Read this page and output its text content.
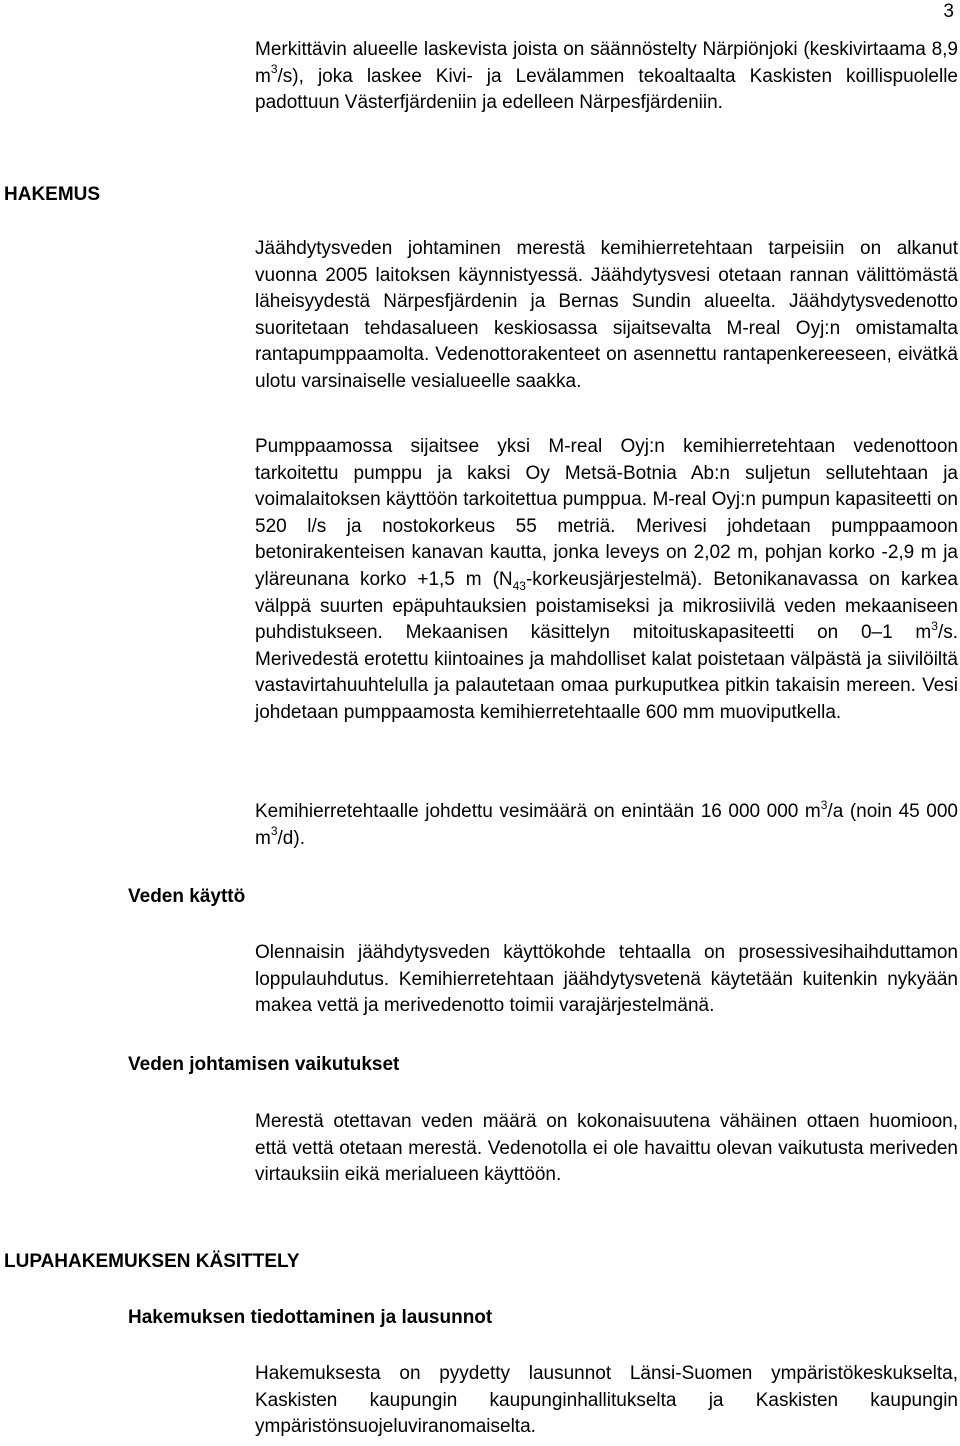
3

Merkittävin alueelle laskevista joista on säännöstelty Närpiönjoki (keskivirtaama 8,9 $m^3/s$), joka laskee Kivi- ja Levälammen tekoaltaalta Kaskisten koillispuolelle padottuun Västerfjärdeniin ja edelleen Närpesfjärdeniin.

HAKEMUS

Jäähdytysveden johtaminen merestä kemihierretehtaan tarpeisiin on alkanut vuonna 2005 laitoksen käynnistyessä. Jäähdytysvesi otetaan rannan välittömästä läheisyydestä Närpesfjärdenin ja Bernas Sundin alueelta. Jäähdytysvedenotto suoritetaan tehdasalueen keskiosassa sijaitsevalta M-real Oyj:n omistamalta rantapumppaamolta. Vedenottorakenteet on asennettu rantapenkereeseen, eivätkä ulotu varsinaiselle vesialueelle saakka.

Pumppaamossa sijaitsee yksi M-real Oyj:n kemihierretehtaan vedenottoon tarkoitettu pumppu ja kaksi Oy Metsä-Botnia Ab:n suljetun sellutehtaan ja voimalaitoksen käyttöön tarkoitettua pumppua. M-real Oyj:n pumpun kapasiteetti on 520 l/s ja nostokorkeus 55 metriä. Merivesi johdetaan pumppaamoon betonirakenteisen kanavan kautta, jonka leveys on 2,02 m, pohjan korko -2,9 m ja yläreunana korko +1,5 m $(N_{43}-korkeusjärjestelmä)$. Betonikanavassa on karkea välppä suurten epäpuhtauksien poistamiseksi ja mikrosiivilä veden mekaaniseen puhdistukseen. Mekaanisen käsittelyn mitoituskapasiteetti on 0–1 $m^3/s$. Merivedestä erotettu kiintoaines ja mahdolliset kalat poistetaan välpästä ja siivilöiltä vastavirtahuuhtelulla ja palautetaan omaa purkuputkea pitkin takaisin mereen. Vesi johdetaan pumppaamosta kemihierretehtaalle 600 mm muoviputkella.

Kemihierretehtaalle johdettu vesimäärä on enintään 16 000 000 $m^3/a$ (noin 45 000 $m^3/d$).

Veden käyttö

Olennaisin jäähdytysveden käyttökohde tehtaalla on prosessivesihaihduttamon loppulauhdutus. Kemihierretehtaan jäähdytysvetenä käytetään kuitenkin nykyään makea vettä ja merivedenotto toimii varajärjestelmänä.

Veden johtamisen vaikutukset

Merestä otettavan veden määrä on kokonaisuutena vähäinen ottaen huomioon, että vettä otetaan merestä. Vedenotolla ei ole havaittu olevan vaikutusta meriveden virtauksiin eikä merialueen käyttöön.

LUPAHAKEMUKSEN KÄSITTELY
Hakemuksen tiedottaminen ja lausunnot

Hakemuksesta on pyydetty lausunnot Länsi-Suomen ympäristökeskukselta, Kaskisten kaupungin kaupunginhallitukselta ja Kaskisten kaupungin ympäristönsuojeluviranomaiselta.
